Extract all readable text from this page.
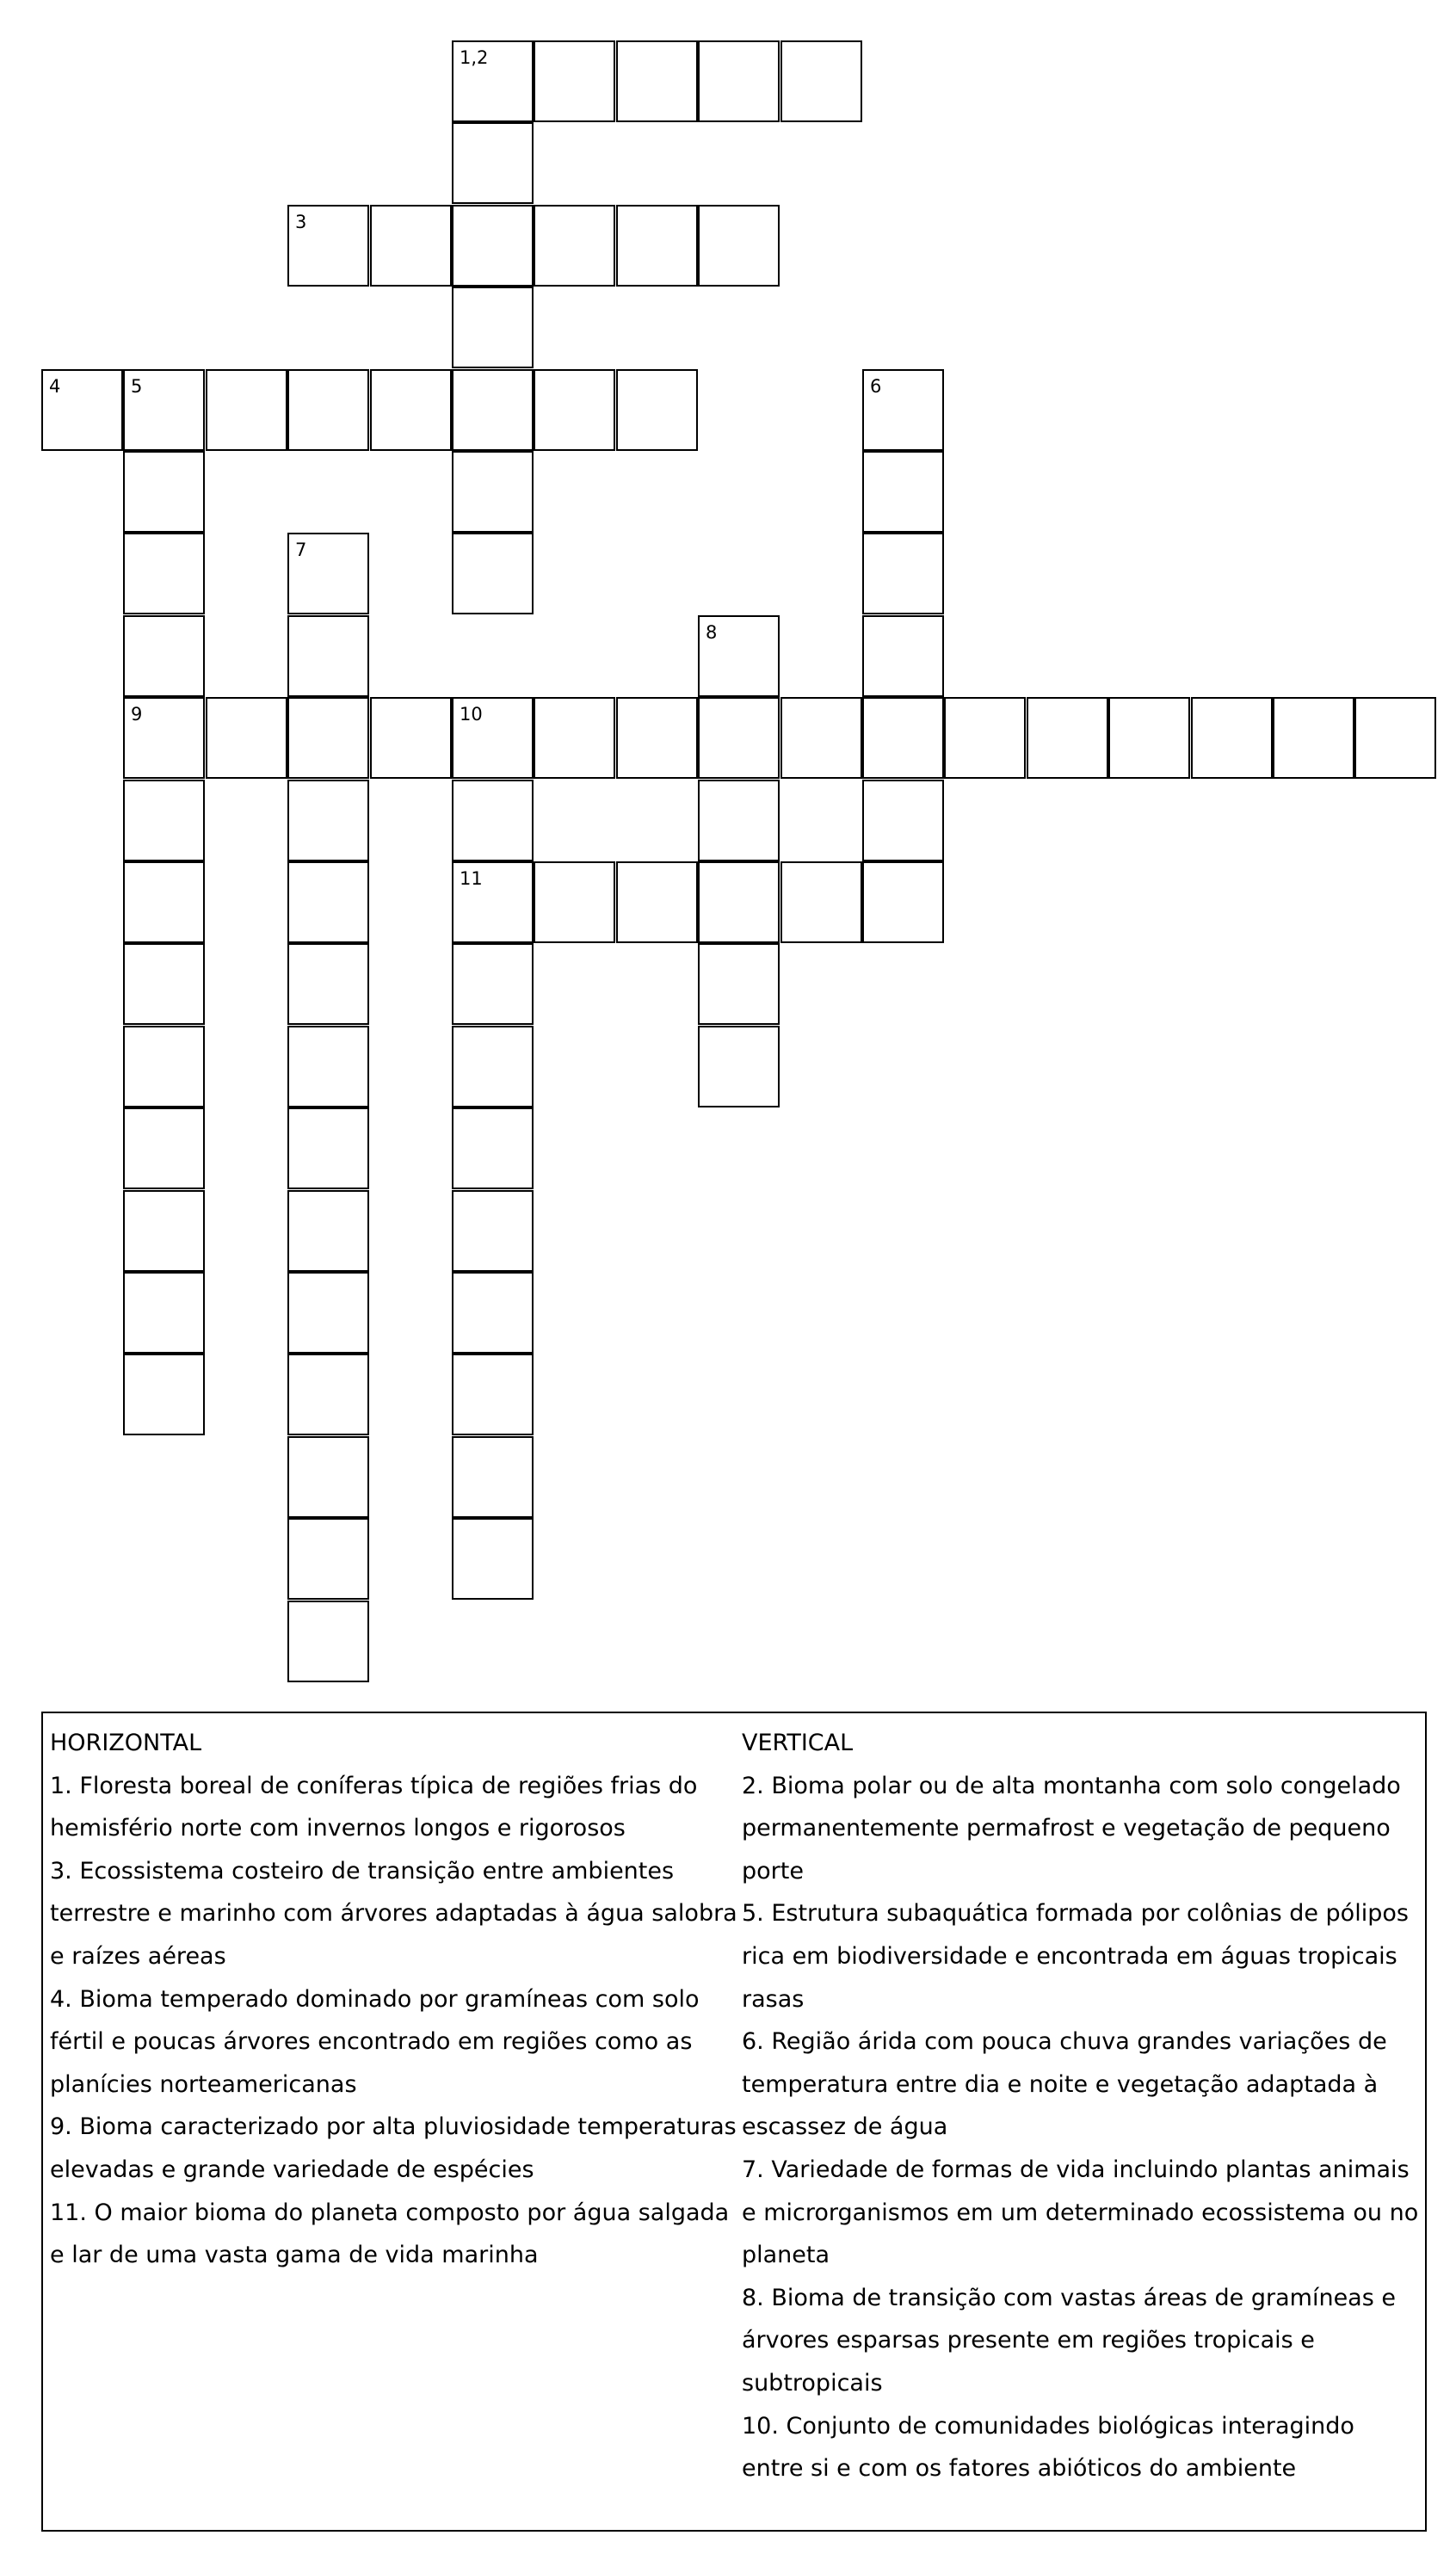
1,2
3
4	5
9
6
7
8
10
11

HORIZONTAL

1. Floresta boreal de coníferas típica de regiões frias do hemisfério norte com invernos longos e rigorosos

3. Ecossistema costeiro de transição entre ambientes terrestre e marinho com árvores adaptadas à água salobra e raízes aéreas

4. Bioma temperado dominado por gramíneas com solo fértil e poucas árvores encontrado em regiões como as planícies norteamericanas

9. Bioma caracterizado por alta pluviosidade temperaturas elevadas e grande variedade de espécies

11. O maior bioma do planeta composto por água salgada e lar de uma vasta gama de vida marinha

VERTICAL

2. Bioma polar ou de alta montanha com solo congelado permanentemente permafrost e vegetação de pequeno porte

5. Estrutura subaquática formada por colônias de pólipos rica em biodiversidade e encontrada em águas tropicais rasas

6. Região árida com pouca chuva grandes variações de temperatura entre dia e noite e vegetação adaptada à escassez de água

7. Variedade de formas de vida incluindo plantas animais e microrganismos em um determinado ecossistema ou no planeta

8. Bioma de transição com vastas áreas de gramíneas e árvores esparsas presente em regiões tropicais e subtropicais

10. Conjunto de comunidades biológicas interagindo entre si e com os fatores abióticos do ambiente
